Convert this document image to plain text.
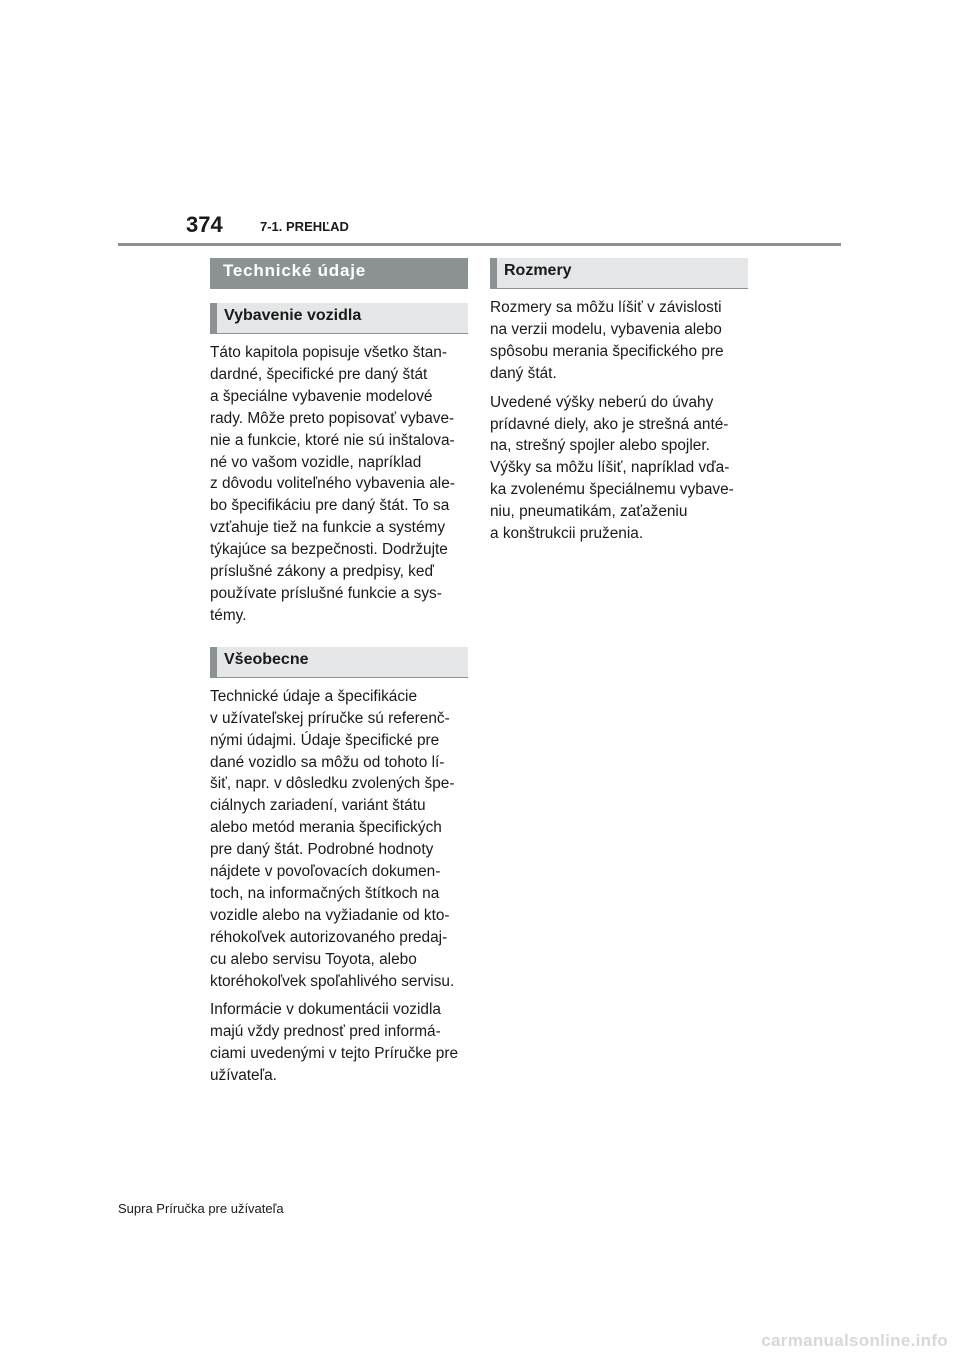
374	7-1. PREHĽAD
Technické údaje
Vybavenie vozidla

Táto kapitola popisuje všetko štan-
dardné, špecifické pre daný štát
a špeciálne vybavenie modelové
rady. Môže preto popisovať vybave-
nie a funkcie, ktoré nie sú inštalova-
né vo vašom vozidle, napríklad
z dôvodu voliteľného vybavenia ale-
bo špecifikáciu pre daný štát. To sa
vzťahuje tiež na funkcie a systémy
týkajúce sa bezpečnosti. Dodržujte
príslušné zákony a predpisy, keď
používate príslušné funkcie a sys-
témy.

Všeobecne

Technické údaje a špecifikácie
v užívateľskej príručke sú referenč-
nými údajmi. Údaje špecifické pre
dané vozidlo sa môžu od tohoto lí-
šiť, napr. v dôsledku zvolených špe-
ciálnych zariadení, variánt štátu
alebo metód merania špecifických
pre daný štát. Podrobné hodnoty
nájdete v povoľovacích dokumen-
toch, na informačných štítkoch na
vozidle alebo na vyžiadanie od kto-
réhokoľvek autorizovaného predaj-
cu alebo servisu Toyota, alebo
ktoréhokoľvek spoľahlivého servisu.

Informácie v dokumentácii vozidla
majú vždy prednosť pred informá-
ciami uvedenými v tejto Príručke pre
užívateľa.

Rozmery

Rozmery sa môžu líšiť v závislosti
na verzii modelu, vybavenia alebo
spôsobu merania špecifického pre
daný štát.

Uvedené výšky neberú do úvahy
prídavné diely, ako je strešná anté-
na, strešný spojler alebo spojler.
Výšky sa môžu líšiť, napríklad vďa-
ka zvolenému špeciálnemu vybave-
niu, pneumatikám, zaťaženiu
a konštrukcii pruženia.

Supra Príručka pre užívateľa
carmanualsonline.info
